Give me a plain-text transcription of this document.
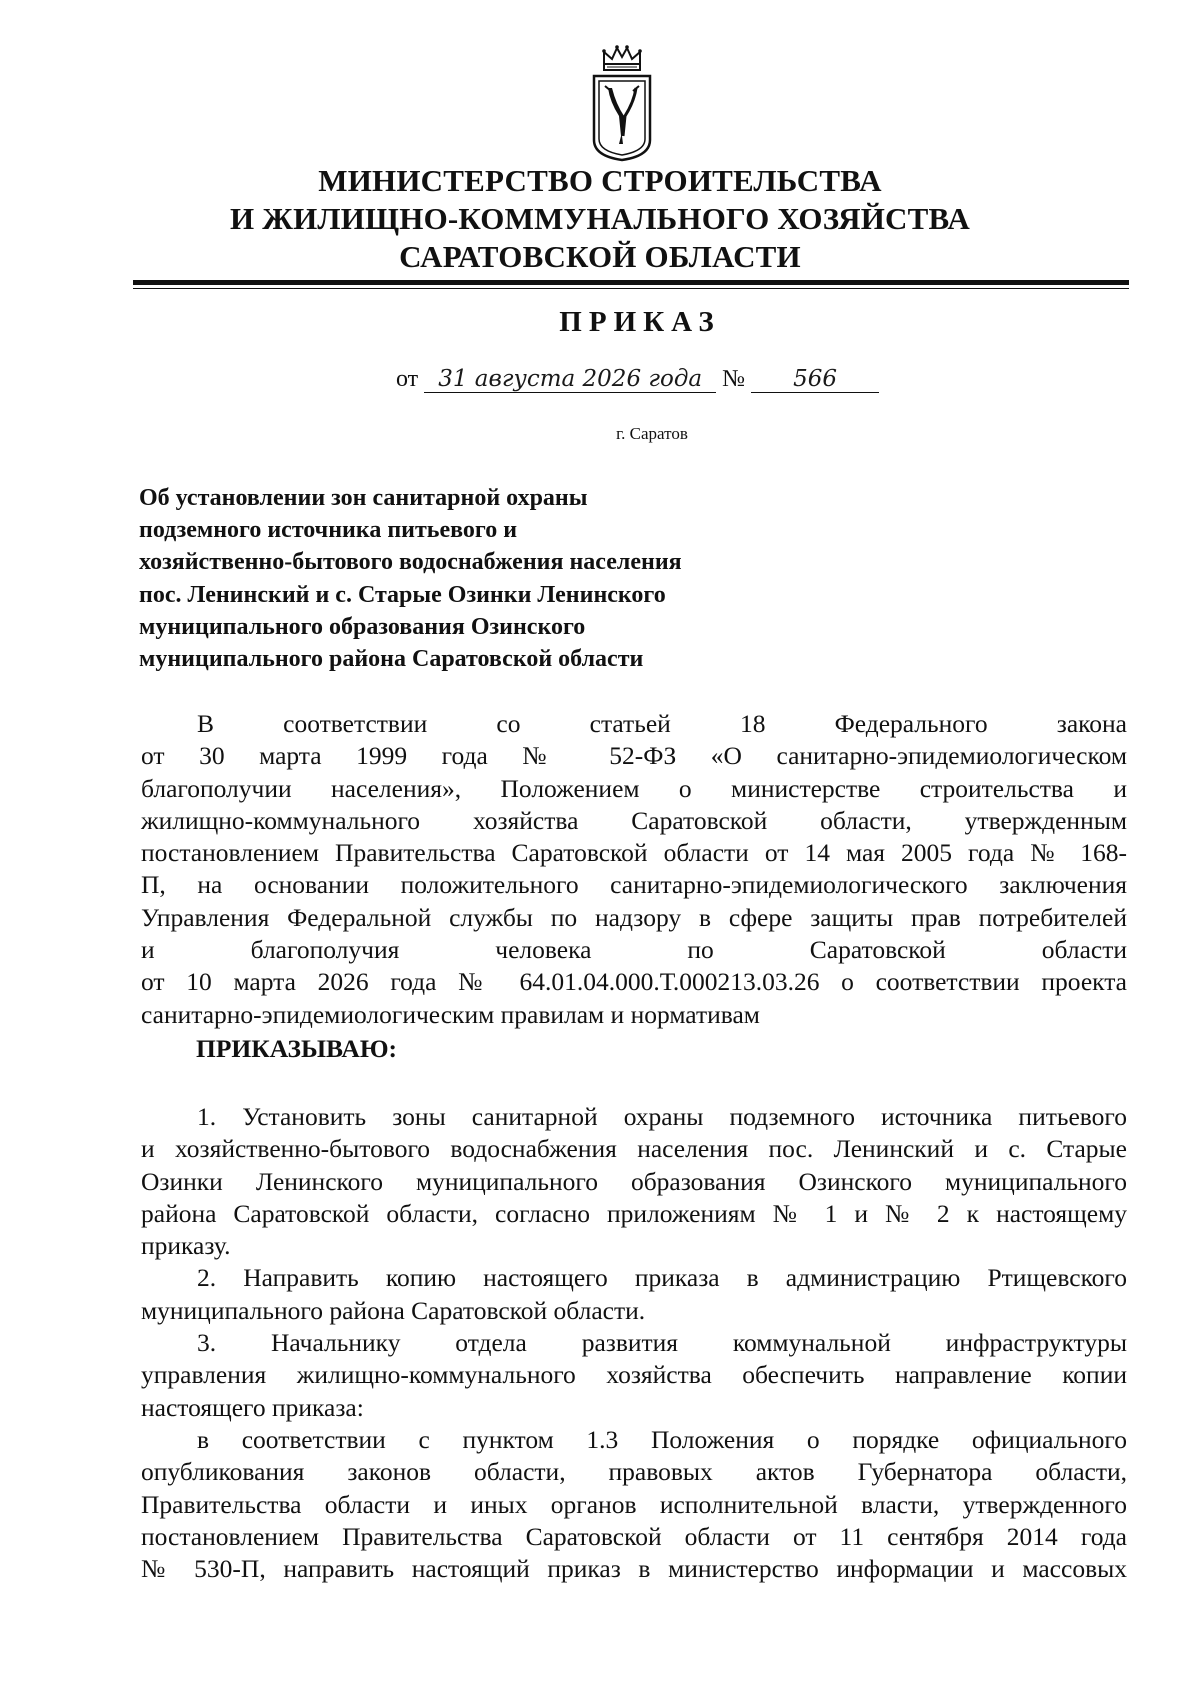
МИНИСТЕРСТВО СТРОИТЕЛЬСТВА
И ЖИЛИЩНО-КОММУНАЛЬНОГО ХОЗЯЙСТВА
САРАТОВСКОЙ ОБЛАСТИ
ПРИКАЗ
от 31 августа 2026 года № 566
г. Саратов
Об установлении зон санитарной охраны
подземного источника питьевого и
хозяйственно-бытового водоснабжения населения
пос. Ленинский и с. Старые Озинки Ленинского
муниципального образования Озинского
муниципального района Саратовской области
В соответствии со статьей 18 Федерального закона
от 30 марта 1999 года № 52-ФЗ «О санитарно-эпидемиологическом
благополучии населения», Положением о министерстве строительства и
жилищно-коммунального хозяйства Саратовской области, утвержденным
постановлением Правительства Саратовской области от 14 мая 2005 года № 168-
П, на основании положительного санитарно-эпидемиологического заключения
Управления Федеральной службы по надзору в сфере защиты прав потребителей
и благополучия человека по Саратовской области
от 10 марта 2026 года № 64.01.04.000.Т.000213.03.26 о соответствии проекта
санитарно-эпидемиологическим правилам и нормативам
ПРИКАЗЫВАЮ:
1. Установить зоны санитарной охраны подземного источника питьевого
и хозяйственно-бытового водоснабжения населения пос. Ленинский и с. Старые
Озинки Ленинского муниципального образования Озинского муниципального
района Саратовской области, согласно приложениям № 1 и № 2 к настоящему
приказу.
2. Направить копию настоящего приказа в администрацию Ртищевского
муниципального района Саратовской области.
3. Начальнику отдела развития коммунальной инфраструктуры
управления жилищно-коммунального хозяйства обеспечить направление копии
настоящего приказа:
в соответствии с пунктом 1.3 Положения о порядке официального
опубликования законов области, правовых актов Губернатора области,
Правительства области и иных органов исполнительной власти, утвержденного
постановлением Правительства Саратовской области от 11 сентября 2014 года
№ 530-П, направить настоящий приказ в министерство информации и массовых
